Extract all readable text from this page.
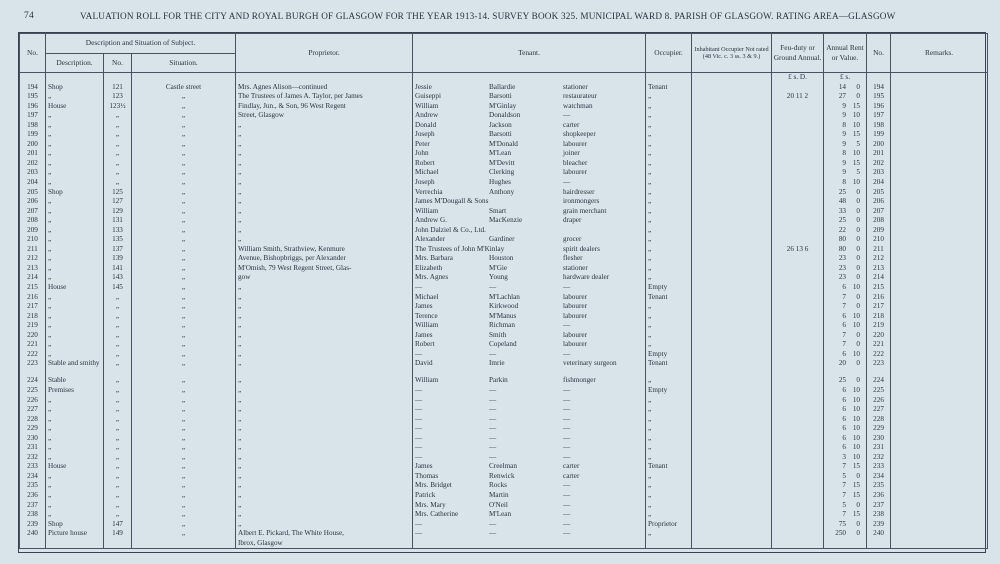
74	VALUATION ROLL FOR THE CITY AND ROYAL BURGH OF GLASGOW FOR THE YEAR 1913-14. SURVEY BOOK 325. MUNICIPAL WARD 8. PARISH OF GLASGOW. RATING AREA—GLASGOW
No.	Description and Situation of Subject.			Proprietor.	Tenant.	Occupier.	Inhabitant Occupier Not rated (48 Vic. c. 3 ss. 3 & 9.)	Feu-duty or Ground Annual.	Annual Rent or Value.	No.	Remarks.
	Description.	No.	Situation.								
								£ s. D.	£ s.		
194	Shop	121	Castle street	Mrs. Agnes Alison—continued	Jessie Ballardie stationer	Tenant			14 0	194	
195	„	123	„	The Trustees of James A. Taylor, per James	Guiseppi Barsotti restaurateur	„		20 11 2	27 0	195	
196	House	123½	„	Findlay, Jun., & Son, 96 West Regent	William M'Ginlay watchman	„			9 15	196	
197	„	„	„	Street, Glasgow	Andrew Donaldson —	„			9 10	197	
198	„	„	„	„	Donald Jackson carter	„			8 10	198	
199	„	„	„	„	Joseph Barsotti shopkeeper	„			9 15	199	
200	„	„	„	„	Peter M'Donald labourer	„			9 5	200	
201	„	„	„	„	John M'Lean joiner	„			8 10	201	
202	„	„	„	„	Robert M'Devitt bleacher	„			9 15	202	
203	„	„	„	„	Michael Clerking labourer	„			9 5	203	
204	„	„	„	„	Joseph Hughes —	„			8 10	204	
205	Shop	125	„	„	Verrechia Anthony hairdresser	„			25 0	205	
206	„	127	„	„	James M'Dougall & Sons ironmongers	„			48 0	206	
207	„	129	„	„	William Smart grain merchant	„			33 0	207	
208	„	131	„	„	Andrew G. MacKenzie draper	„			25 0	208	
209	„	133	„	„	John Dalziel & Co., Ltd.	„			22 0	209	
210	„	135	„	„	Alexander Gardiner grocer	„			80 0	210	
211	„	137	„	William Smith, Strathview, Kenmure	The Trustees of John M'Kinlay spirit dealers	„		26 13 6	80 0	211	
212	„	139	„	Avenue, Bishopbriggs, per Alexander	Mrs. Barbara Houston flesher	„			23 0	212	
213	„	141	„	M'Omish, 79 West Regent Street, Glas-	Elizabeth M'Gie stationer	„			23 0	213	
214	„	143	„	gow	Mrs. Agnes Young hardware dealer	„			23 0	214	
215	House	145	„	„	— — —	Empty			6 10	215	
216	„	„	„	„	Michael M'Lachlan labourer	Tenant			7 0	216	
217	„	„	„	„	James Kirkwood labourer	„			7 0	217	
218	„	„	„	„	Terence M'Manus labourer	„			6 10	218	
219	„	„	„	„	William Richman —	„			6 10	219	
220	„	„	„	„	James Smith labourer	„			7 0	220	
221	„	„	„	„	Robert Copeland labourer	„			7 0	221	
222	„	„	„	„	— — —	Empty			6 10	222	
223	Stable and smithy	„	„	„	David Imrie veterinary surgeon	Tenant			20 0	223	
224	Stable	„	„	„	William Parkin fishmonger	„			25 0	224	
225	Premises	„	„	„	— — —	Empty			6 10	225	
226	„	„	„	„	— — —	„			6 10	226	
227	„	„	„	„	— — —	„			6 10	227	
228	„	„	„	„	— — —	„			6 10	228	
229	„	„	„	„	— — —	„			6 10	229	
230	„	„	„	„	— — —	„			6 10	230	
231	„	„	„	„	— — —	„			6 10	231	
232	„	„	„	„	— — —	„			3 10	232	
233	House	„	„	„	James Creelman carter	Tenant			7 15	233	
234	„	„	„	„	Thomas Renwick carter	„			5 0	234	
235	„	„	„	„	Mrs. Bridget Rocks —	„			7 15	235	
236	„	„	„	„	Patrick Martin —	„			7 15	236	
237	„	„	„	„	Mrs. Mary O'Neil —	„			5 0	237	
238	„	„	„	„	Mrs. Catherine M'Lean —	„			7 15	238	
239	Shop	147	„	„	— — —	Proprietor			75 0	239	
240	Picture house	149	„	Albert E. Pickard, The White House,	— — —	„			250 0	240	
				Ibrox, Glasgow	
